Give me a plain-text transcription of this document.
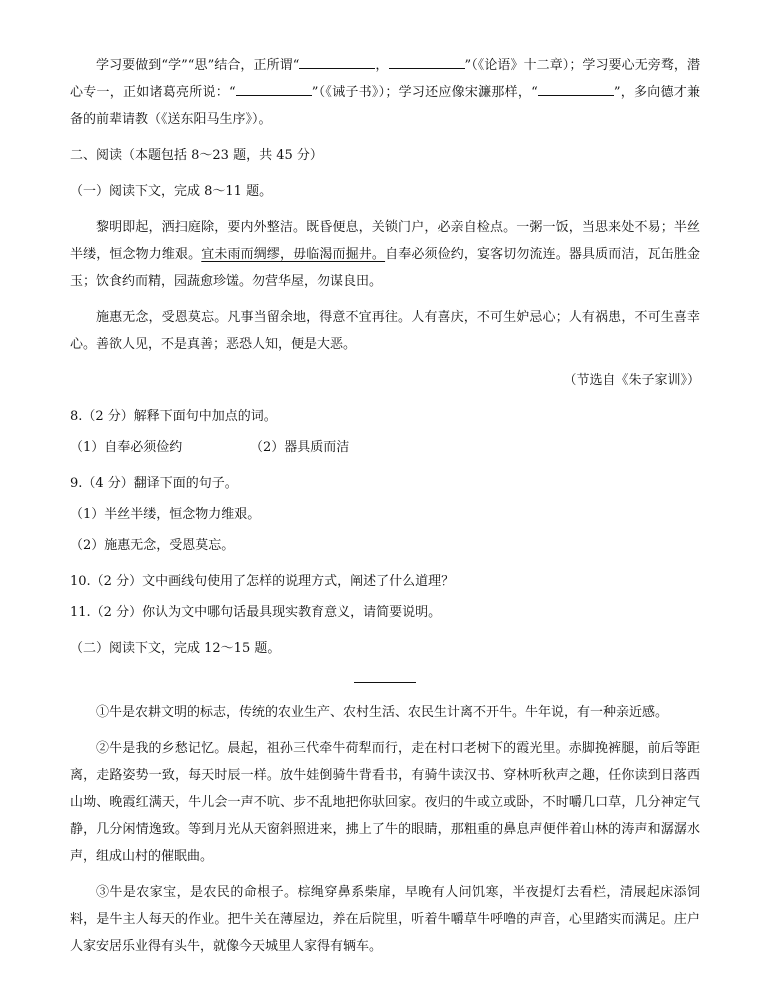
学习要做到“学”“思”结合，正所谓“	，	”（《论语》十二章）；学习要心无旁骛，潜心专一，正如诸葛亮所说：“	”（《诫子书》）；学习还应像宋濂那样，“	”，多向德才兼备的前辈请教（《送东阳马生序》）。

二、阅读（本题包括 8～23 题，共 45 分）

（一）阅读下文，完成 8～11 题。

黎明即起，洒扫庭除，要内外整洁。既昏便息，关锁门户，必亲自检点。一粥一饭，当思来处不易；半丝半缕，恒念物力维艰。宜未雨而绸缪，毋临渴而掘井。自奉必须俭约，宴客切勿流连。器具质而洁，瓦缶胜金玉；饮食约而精，园蔬愈珍馐。勿营华屋，勿谋良田。

施惠无念，受恩莫忘。凡事当留余地，得意不宜再往。人有喜庆，不可生妒忌心；人有祸患，不可生喜幸心。善欲人见，不是真善；恶恐人知，便是大恶。

（节选自《朱子家训》）

8.（2 分）解释下面句中加点的词。

（1）自奉必须俭约	（2）器具质而洁

9.（4 分）翻译下面的句子。

（1）半丝半缕，恒念物力维艰。

（2）施惠无念，受恩莫忘。

10.（2 分）文中画线句使用了怎样的说理方式，阐述了什么道理？

11.（2 分）你认为文中哪句话最具现实教育意义，请简要说明。

（二）阅读下文，完成 12～15 题。

①牛是农耕文明的标志，传统的农业生产、农村生活、农民生计离不开牛。牛年说，有一种亲近感。

②牛是我的乡愁记忆。晨起，祖孙三代牵牛荷犁而行，走在村口老树下的霞光里。赤脚挽裤腿，前后等距离，走路姿势一致，每天时辰一样。放牛娃倒骑牛背看书，有骑牛读汉书、穿林听秋声之趣，任你读到日落西山坳、晚霞红满天，牛儿会一声不吭、步不乱地把你驮回家。夜归的牛或立或卧，不时嚼几口草，几分神定气静，几分闲情逸致。等到月光从天窗斜照进来，拂上了牛的眼睛，那粗重的鼻息声便伴着山林的涛声和潺潺水声，组成山村的催眠曲。

③牛是农家宝，是农民的命根子。棕绳穿鼻系柴扉，早晚有人问饥寒，半夜提灯去看栏，清展起床添饲料，是牛主人每天的作业。把牛关在薄屋边，养在后院里，听着牛嚼草牛呼噜的声音，心里踏实而满足。庄户人家安居乐业得有头牛，就像今天城里人家得有辆车。
